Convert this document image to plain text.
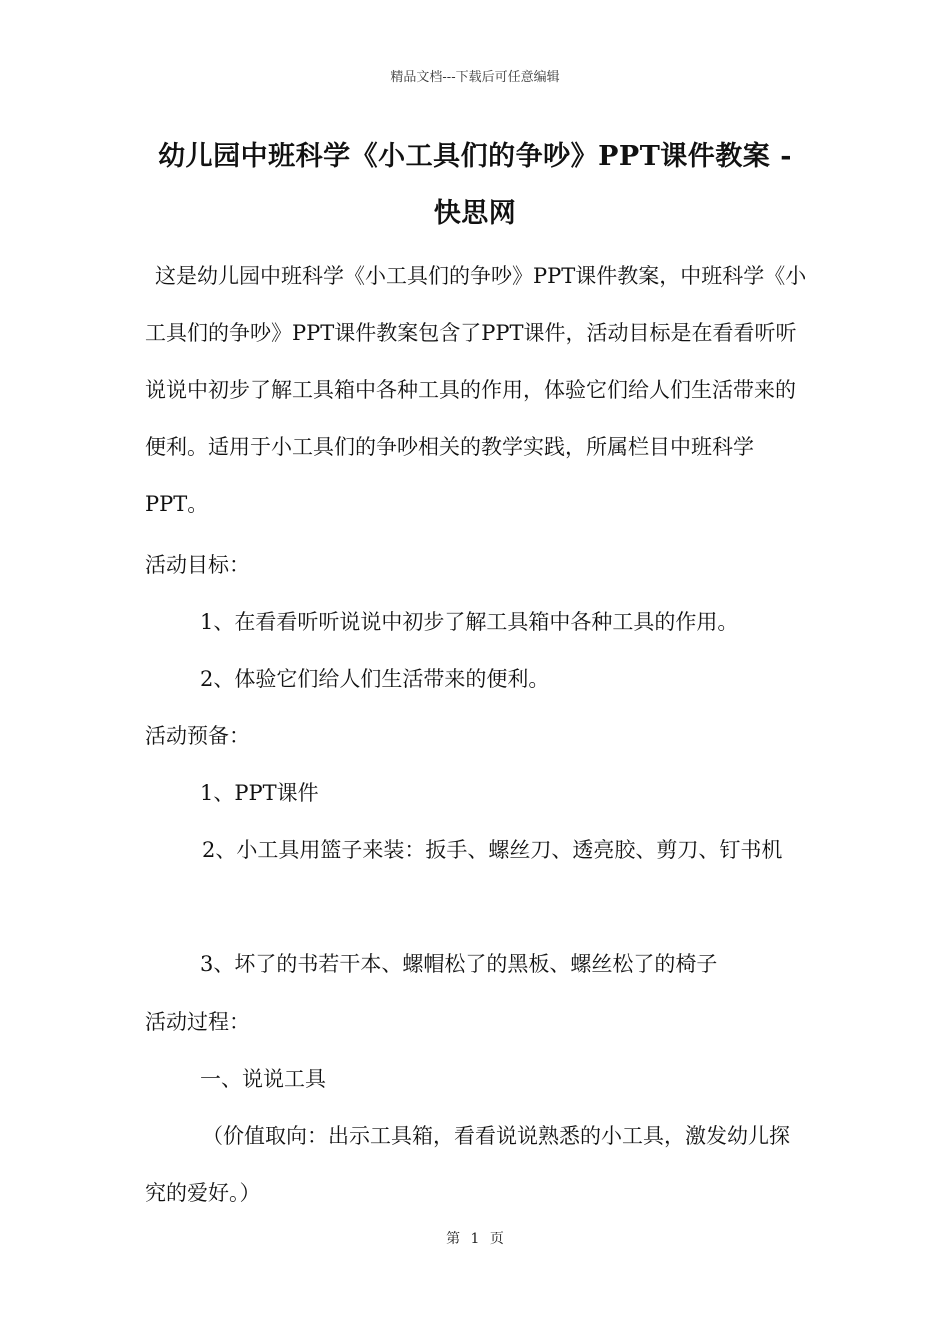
精品文档---下载后可任意编辑
幼儿园中班科学《小工具们的争吵》PPT课件教案 - 快思网

这是幼儿园中班科学《小工具们的争吵》PPT课件教案，中班科学《小工具们的争吵》PPT课件教案包含了PPT课件，活动目标是在看看听听说说中初步了解工具箱中各种工具的作用，体验它们给人们生活带来的便利。适用于小工具们的争吵相关的教学实践，所属栏目中班科学PPT。

活动目标：

1、在看看听听说说中初步了解工具箱中各种工具的作用。

2、体验它们给人们生活带来的便利。

活动预备：

1、PPT课件

2、小工具用篮子来装：扳手、螺丝刀、透亮胶、剪刀、钉书机

3、坏了的书若干本、螺帽松了的黑板、螺丝松了的椅子

活动过程：

一、说说工具

（价值取向：出示工具箱，看看说说熟悉的小工具，激发幼儿探究的爱好。）

第 1 页
